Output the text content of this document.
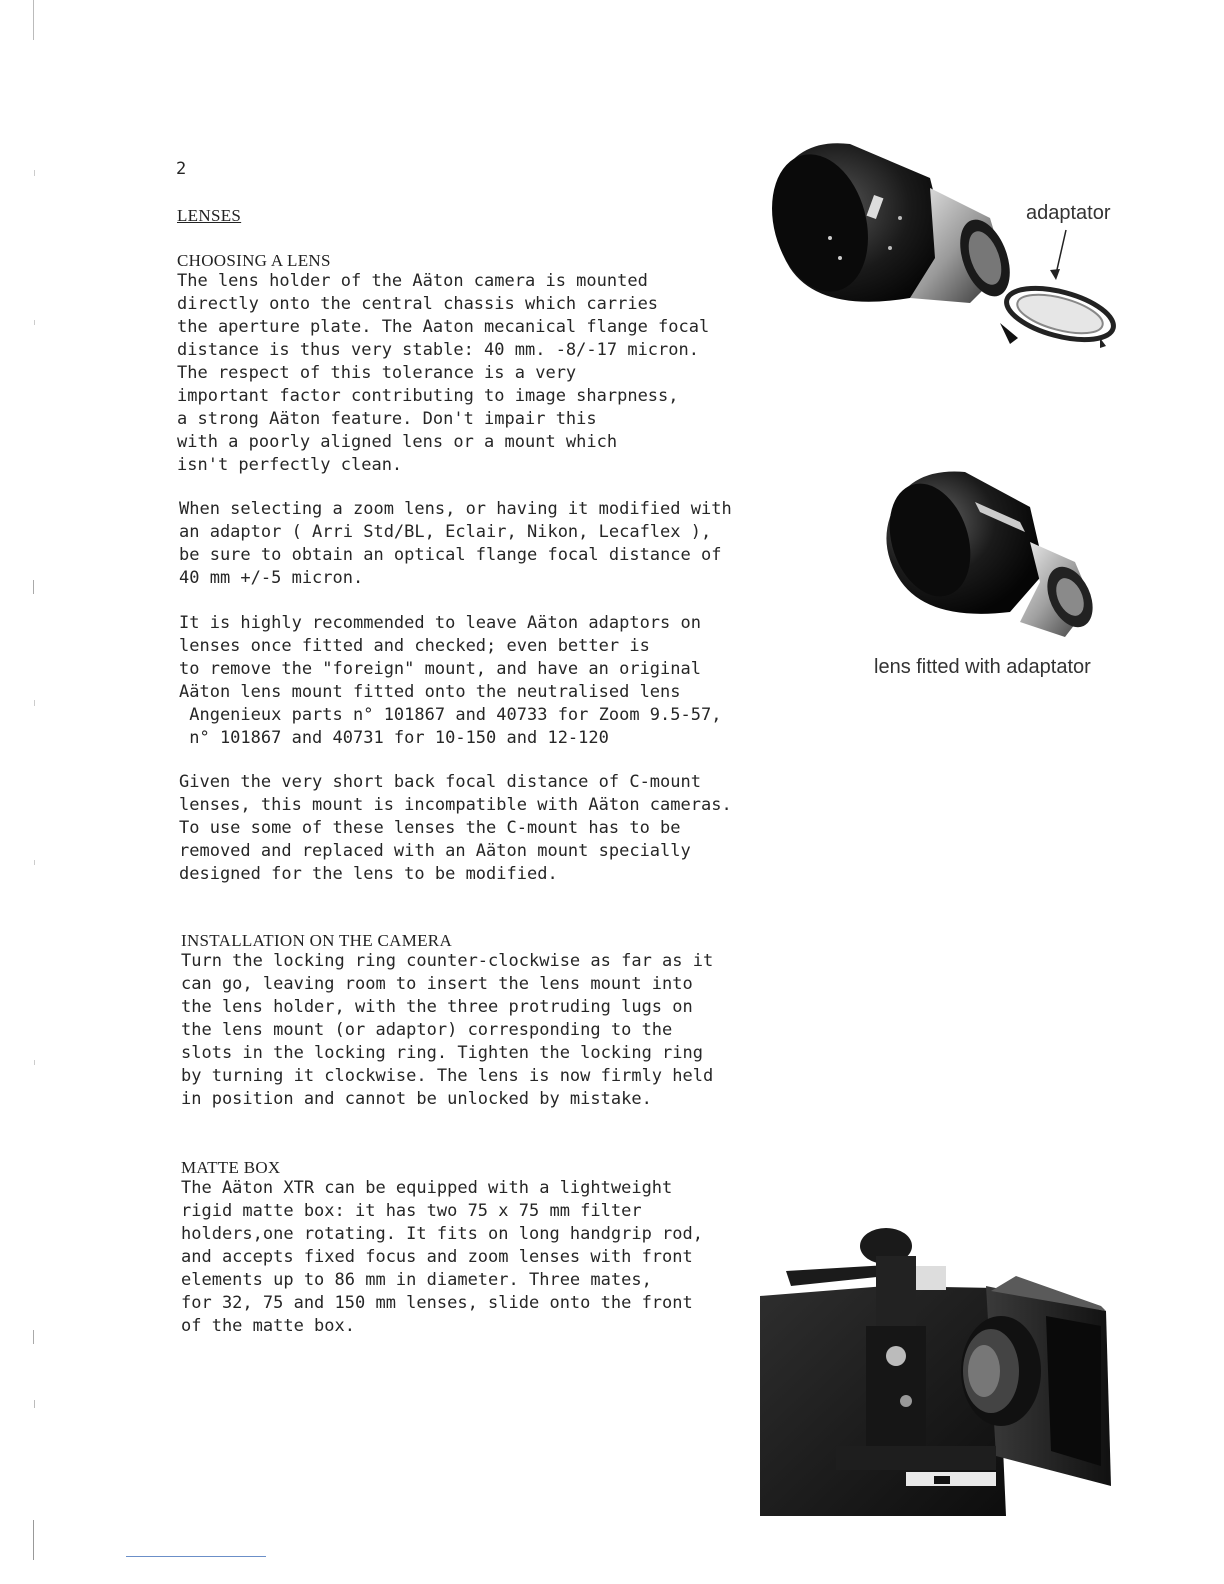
2
LENSES
CHOOSING A LENS
The lens holder of the Aäton camera is mounted
directly onto the central chassis which carries
the aperture plate. The Aaton mecanical flange focal
distance is thus very stable: 40 mm. -8/-17 micron.
The respect of this tolerance is a very
important factor contributing to image sharpness,
a strong Aäton feature. Don't impair this
with a poorly aligned lens or a mount which
isn't perfectly clean.
When selecting a zoom lens, or having it modified with
an adaptor ( Arri Std/BL, Eclair, Nikon, Lecaflex ),
be sure to obtain an optical flange focal distance of
40 mm +/-5 micron.
It is highly recommended to leave Aäton adaptors on
lenses once fitted and checked; even better is
to remove the "foreign" mount, and have an original
Aäton lens mount fitted onto the neutralised lens
Angenieux parts n° 101867 and 40733 for Zoom 9.5-57,
n° 101867 and 40731 for 10-150 and 12-120
Given the very short back focal distance of C-mount
lenses, this mount is incompatible with Aäton cameras.
To use some of these lenses the C-mount has to be
removed and replaced with an Aäton mount specially
designed for the lens to be modified.
INSTALLATION ON THE CAMERA
Turn the locking ring counter-clockwise as far as it
can go, leaving room to insert the lens mount into
the lens holder, with the three protruding lugs on
the lens mount (or adaptor) corresponding to the
slots in the locking ring. Tighten the locking ring
by turning it clockwise. The lens is now firmly held
in position and cannot be unlocked by mistake.
MATTE BOX
The Aäton XTR can be equipped with a lightweight
rigid matte box: it has two 75 x 75 mm filter
holders,one rotating. It fits on long handgrip rod,
and accepts fixed focus and zoom lenses with front
elements up to 86 mm in diameter. Three mates,
for 32, 75 and 150 mm lenses, slide onto the front
of the matte box.
adaptator
lens fitted with adaptator
